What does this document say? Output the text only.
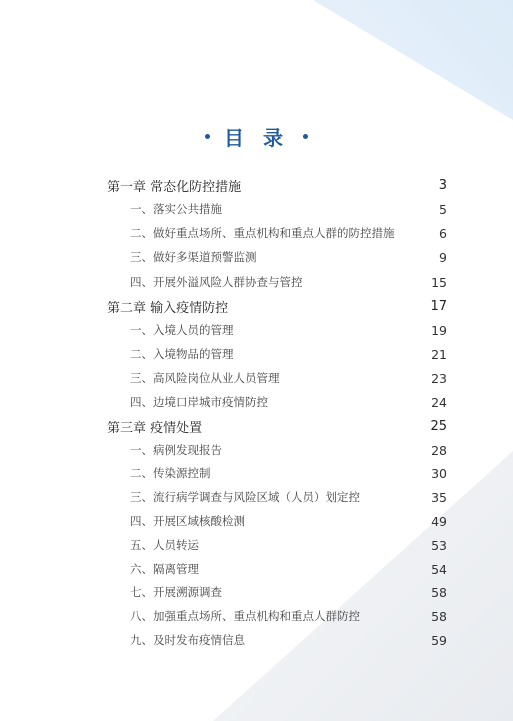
目 录
第一章 常态化防控措施	3
一、落实公共措施	5
二、做好重点场所、重点机构和重点人群的防控措施	6
三、做好多渠道预警监测	9
四、开展外溢风险人群协查与管控	15
第二章 输入疫情防控	17
一、入境人员的管理	19
二、入境物品的管理	21
三、高风险岗位从业人员管理	23
四、边境口岸城市疫情防控	24
第三章 疫情处置	25
一、病例发现报告	28
二、传染源控制	30
三、流行病学调查与风险区域（人员）划定控	35
四、开展区域核酸检测	49
五、人员转运	53
六、隔离管理	54
七、开展溯源调查	58
八、加强重点场所、重点机构和重点人群防控	58
九、及时发布疫情信息	59
